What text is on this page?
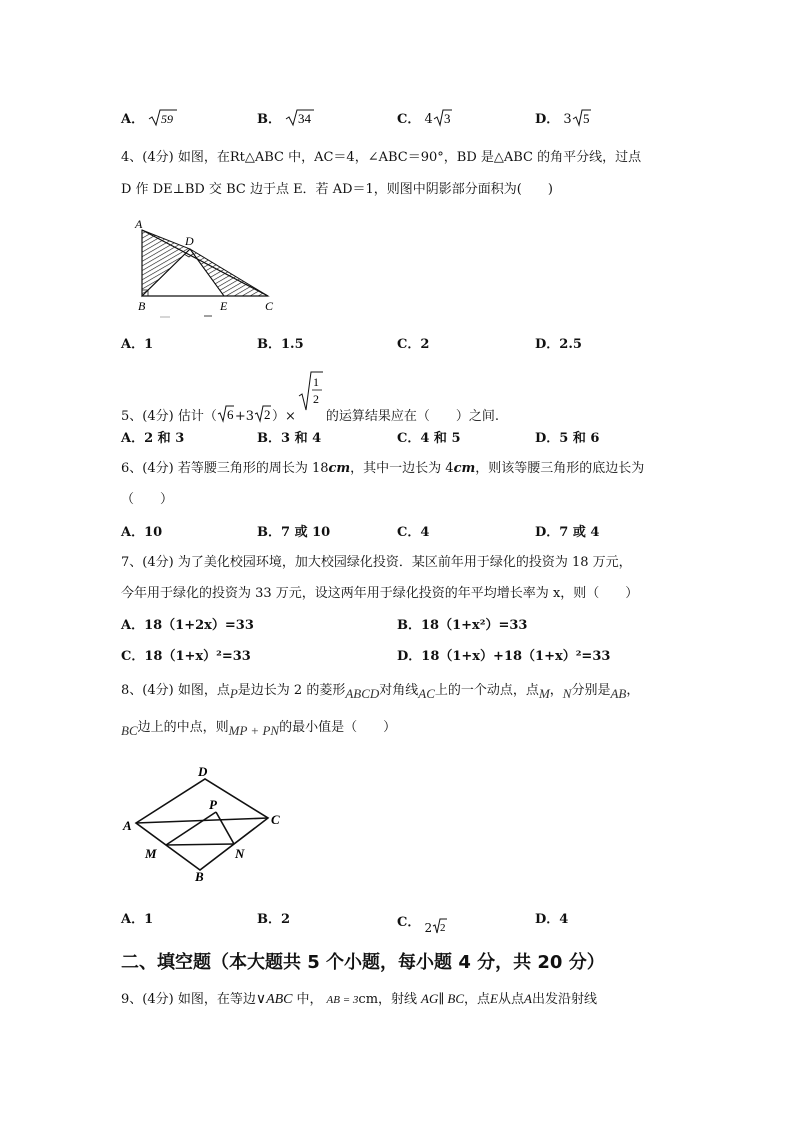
A． 59	B． 34	C． 4 3	D． 3 5
4、(4分) 如图，在Rt△ABC 中，AC＝4，∠ABC＝90°，BD 是△ABC 的角平分线，过点
D 作 DE⊥BD 交 BC 边于点 E．若 AD＝1，则图中阴影部分面积为(　　)
A
D
B	E	C
A．1	B．1.5	C．2	D．2.5
5、(4分) 估计（ 6 +3 2 ）×
1
2
的运算结果应在（　　）之间.
A．2 和 3	B．3 和 4	C．4 和 5	D．5 和 6
6、(4分) 若等腰三角形的周长为 18cm，其中一边长为 4cm，则该等腰三角形的底边长为
（　　）
A．10	B．7 或 10	C．4	D．7 或 4
7、(4分) 为了美化校园环境，加大校园绿化投资．某区前年用于绿化的投资为 18 万元，
今年用于绿化的投资为 33 万元，设这两年用于绿化投资的年平均增长率为 x，则（　　）
A．18（1+2x）=33	B．18（1+x²）=33
C．18（1+x）²=33	D．18（1+x）+18（1+x）²=33
8、(4分) 如图，点P是边长为 2 的菱形ABCD对角线AC上的一个动点，点M，N分别是AB，
BC边上的中点，则MP + PN的最小值是（　　）
D
A	C
P
M	N
B
A．1	B．2	C． 2 2
D．4
二、填空题（本大题共 5 个小题，每小题 4 分，共 20 分）
9、(4分) 如图，在等边∨ABC 中， AB = 3cm，射线 AG∥ BC，点E从点A出发沿射线
